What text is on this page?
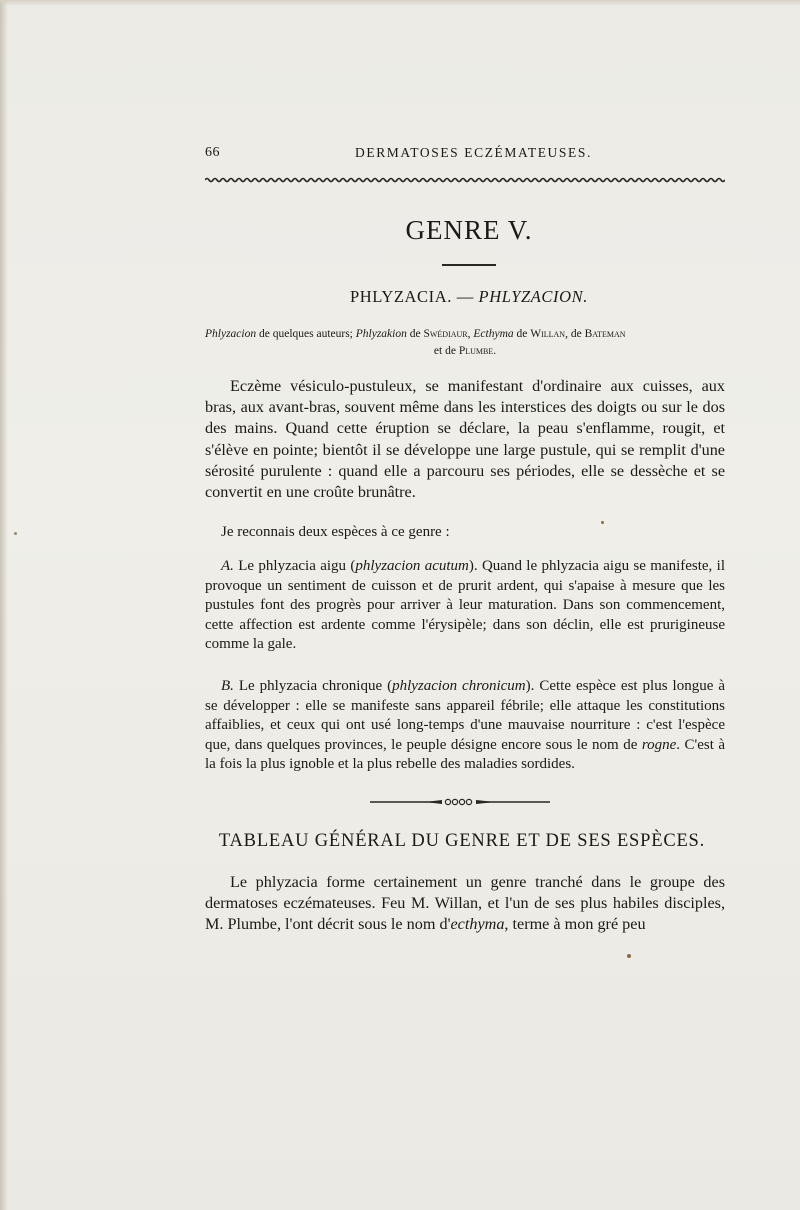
66	DERMATOSES ECZÉMATEUSES.
GENRE V.
PHLYZACIA. — PHLYZACION.
Phlyzacion de quelques auteurs; Phlyzakion de Swédiaur, Ecthyma de Willan, de Bateman
et de Plumbe.

Eczème vésiculo-pustuleux, se manifestant d'ordinaire aux cuisses, aux bras, aux avant-bras, souvent même dans les interstices des doigts ou sur le dos des mains. Quand cette éruption se déclare, la peau s'enflamme, rougit, et s'élève en pointe; bientôt il se développe une large pustule, qui se remplit d'une sérosité purulente : quand elle a parcouru ses périodes, elle se dessèche et se convertit en une croûte brunâtre.

Je reconnais deux espèces à ce genre :

A. Le phlyzacia aigu (phlyzacion acutum). Quand le phlyzacia aigu se manifeste, il provoque un sentiment de cuisson et de prurit ardent, qui s'apaise à mesure que les pustules font des progrès pour arriver à leur maturation. Dans son commencement, cette affection est ardente comme l'érysipèle; dans son déclin, elle est prurigineuse comme la gale.

B. Le phlyzacia chronique (phlyzacion chronicum). Cette espèce est plus longue à se développer : elle se manifeste sans appareil fébrile; elle attaque les constitutions affaiblies, et ceux qui ont usé long-temps d'une mauvaise nourriture : c'est l'espèce que, dans quelques provinces, le peuple désigne encore sous le nom de rogne. C'est à la fois la plus ignoble et la plus rebelle des maladies sordides.

TABLEAU GÉNÉRAL DU GENRE ET DE SES ESPÈCES.

Le phlyzacia forme certainement un genre tranché dans le groupe des dermatoses eczémateuses. Feu M. Willan, et l'un de ses plus habiles disciples, M. Plumbe, l'ont décrit sous le nom d'ecthyma, terme à mon gré peu
